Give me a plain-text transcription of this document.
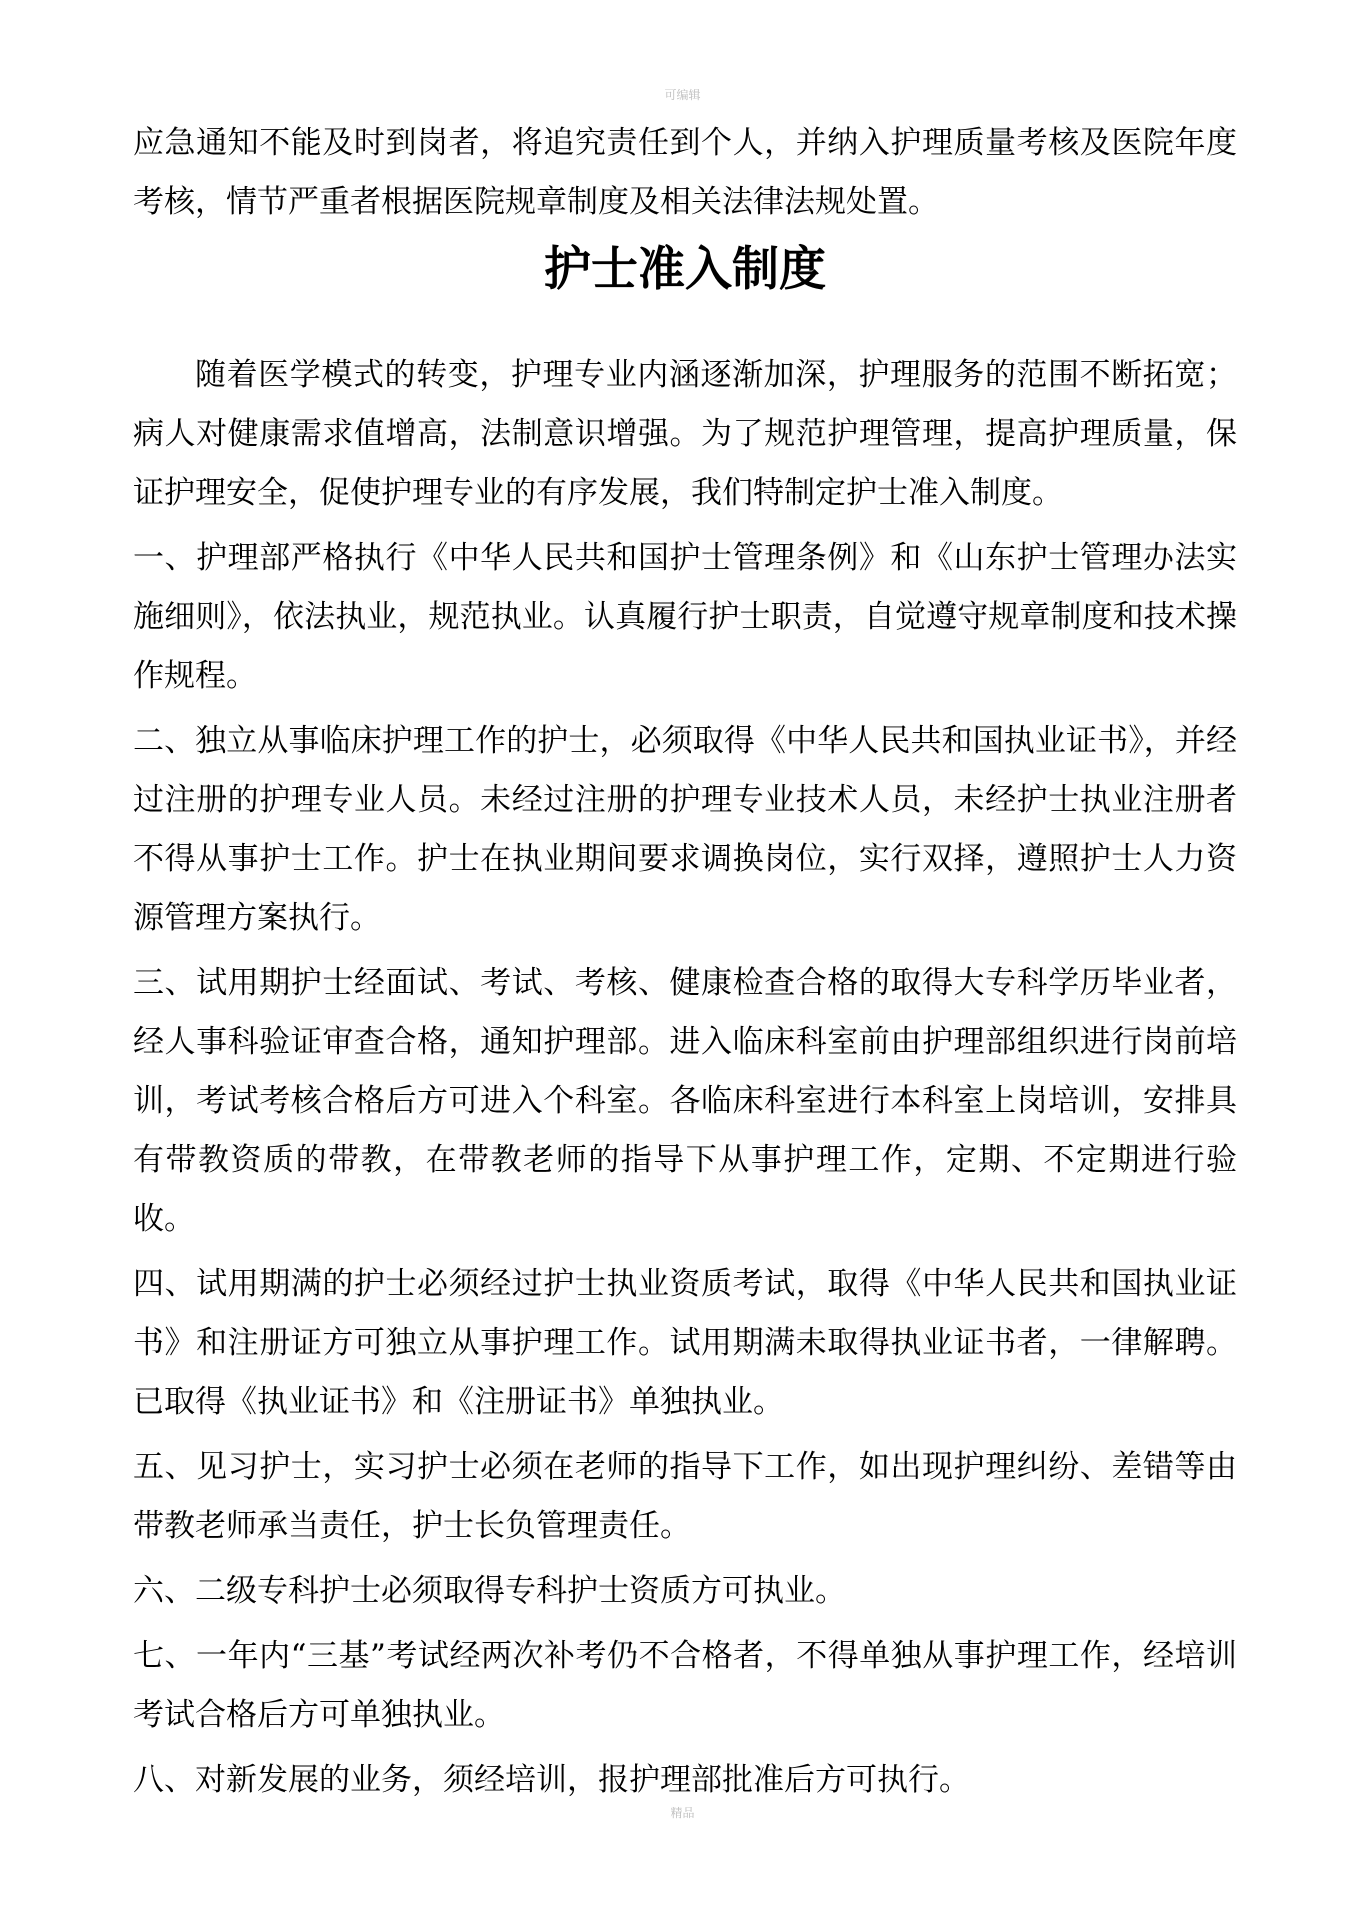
可编辑

应急通知不能及时到岗者，将追究责任到个人，并纳入护理质量考核及医院年度考核，情节严重者根据医院规章制度及相关法律法规处置。

护士准入制度

随着医学模式的转变，护理专业内涵逐渐加深，护理服务的范围不断拓宽；病人对健康需求值增高，法制意识增强。为了规范护理管理，提高护理质量，保证护理安全，促使护理专业的有序发展，我们特制定护士准入制度。

一、护理部严格执行《中华人民共和国护士管理条例》和《山东护士管理办法实施细则》，依法执业，规范执业。认真履行护士职责，自觉遵守规章制度和技术操作规程。

二、独立从事临床护理工作的护士，必须取得《中华人民共和国执业证书》，并经过注册的护理专业人员。未经过注册的护理专业技术人员，未经护士执业注册者不得从事护士工作。护士在执业期间要求调换岗位，实行双择，遵照护士人力资源管理方案执行。

三、试用期护士经面试、考试、考核、健康检查合格的取得大专科学历毕业者，经人事科验证审查合格，通知护理部。进入临床科室前由护理部组织进行岗前培训，考试考核合格后方可进入个科室。各临床科室进行本科室上岗培训，安排具有带教资质的带教，在带教老师的指导下从事护理工作，定期、不定期进行验收。

四、试用期满的护士必须经过护士执业资质考试，取得《中华人民共和国执业证书》和注册证方可独立从事护理工作。试用期满未取得执业证书者，一律解聘。已取得《执业证书》和《注册证书》单独执业。

五、见习护士，实习护士必须在老师的指导下工作，如出现护理纠纷、差错等由带教老师承当责任，护士长负管理责任。

六、二级专科护士必须取得专科护士资质方可执业。

七、一年内“三基”考试经两次补考仍不合格者，不得单独从事护理工作，经培训考试合格后方可单独执业。

八、对新发展的业务，须经培训，报护理部批准后方可执行。

精品
